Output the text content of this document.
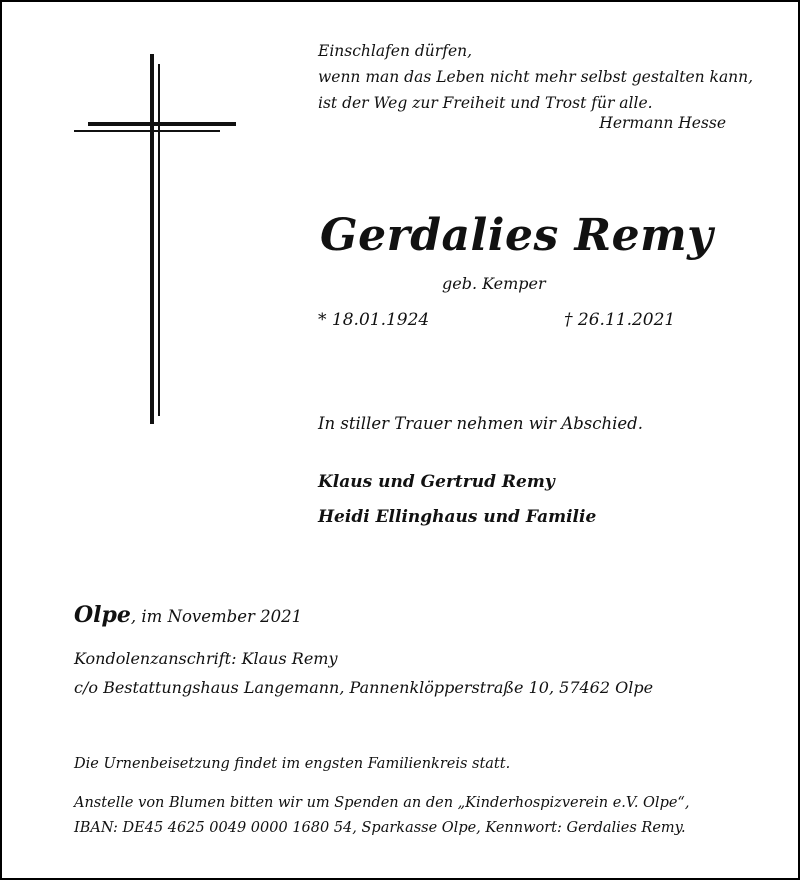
Einschlafen dürfen,
wenn man das Leben nicht mehr selbst gestalten kann,
ist der Weg zur Freiheit und Trost für alle.
Hermann Hesse
Gerdalies Remy
geb. Kemper
* 18.01.1924	† 26.11.2021
In stiller Trauer nehmen wir Abschied.
Klaus und Gertrud Remy
Heidi Ellinghaus und Familie
Olpe, im November 2021
Kondolenzanschrift: Klaus Remy
c/o Bestattungshaus Langemann, Pannenklöpperstraße 10, 57462 Olpe
Die Urnenbeisetzung findet im engsten Familienkreis statt.
Anstelle von Blumen bitten wir um Spenden an den „Kinderhospizverein e.V. Olpe“,
IBAN: DE45 4625 0049 0000 1680 54, Sparkasse Olpe, Kennwort: Gerdalies Remy.
